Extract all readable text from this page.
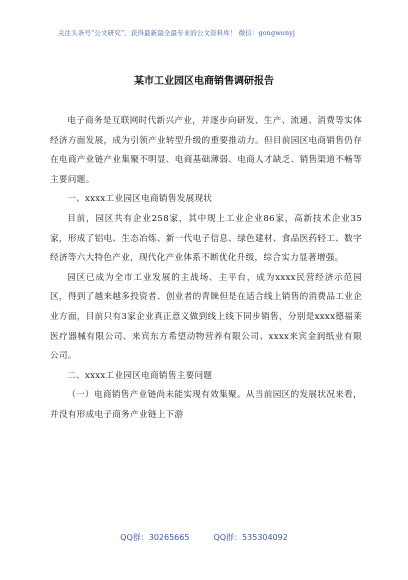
关注头条号“公文研究”，获得最新最全最专业的公文资料库！ 微信：gongwenyj
某市工业园区电商销售调研报告

电子商务是互联网时代新兴产业，并逐步向研发、生产、流通、消费等实体经济方面发展，成为引领产业转型升级的重要推动力。但目前园区电商销售仍存在电商产业链产业集聚不明显、电商基础薄弱、电商人才缺乏、销售渠道不畅等主要问题。

一、xxxx工业园区电商销售发展现状

目前，园区共有企业258家，其中规上工业企业86家，高新技术企业35家，形成了铝电、生态冶炼、新一代电子信息、绿色建材、食品医药轻工、数字经济等六大特色产业，现代化产业体系不断优化升级，综合实力显著增强。

园区已成为全市工业发展的主战场、主平台，成为xxxx民营经济示范园区，得到了越来越多投资者、创业者的青睐但是在适合线上销售的消费品工业企业方面，目前只有3家企业真正意义做到线上线下同步销售，分别是xxxx德福莱医疗器械有限公司、来宾东方希望动物营养有限公司、xxxx来宾金润纸业有限公司。

二、xxxx工业园区电商销售主要问题

（一）电商销售产业链尚未能实现有效集聚。从当前园区的发展状况来看，并没有形成电子商务产业链上下游

QQ群：30265665	QQ群：535304092
